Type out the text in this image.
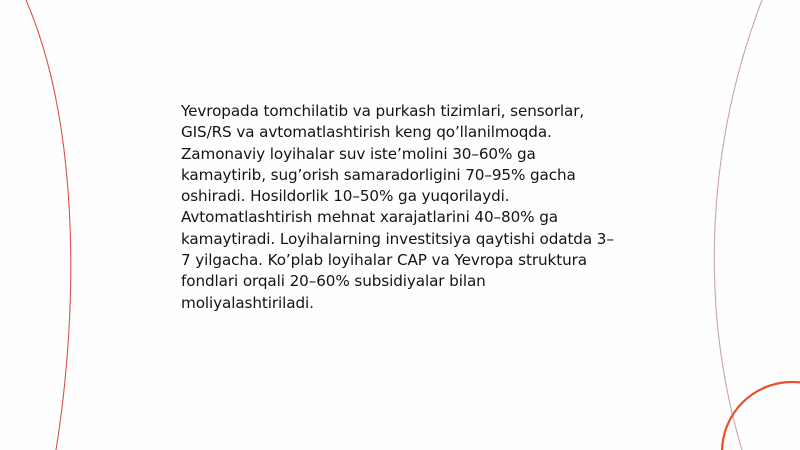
Yevropada tomchilatib va purkash tizimlari, sensorlar, GIS/RS va avtomatlashtirish keng qo’llanilmoqda. Zamonaviy loyihalar suv iste’molini 30–60% ga kamaytirib, sug’orish samaradorligini 70–95% gacha oshiradi. Hosildorlik 10–50% ga yuqorilaydi. Avtomatlashtirish mehnat xarajatlarini 40–80% ga kamaytiradi. Loyihalarning investitsiya qaytishi odatda 3–7 yilgacha. Ko’plab loyihalar CAP va Yevropa struktura fondlari orqali 20–60% subsidiyalar bilan moliyalashtiriladi.
